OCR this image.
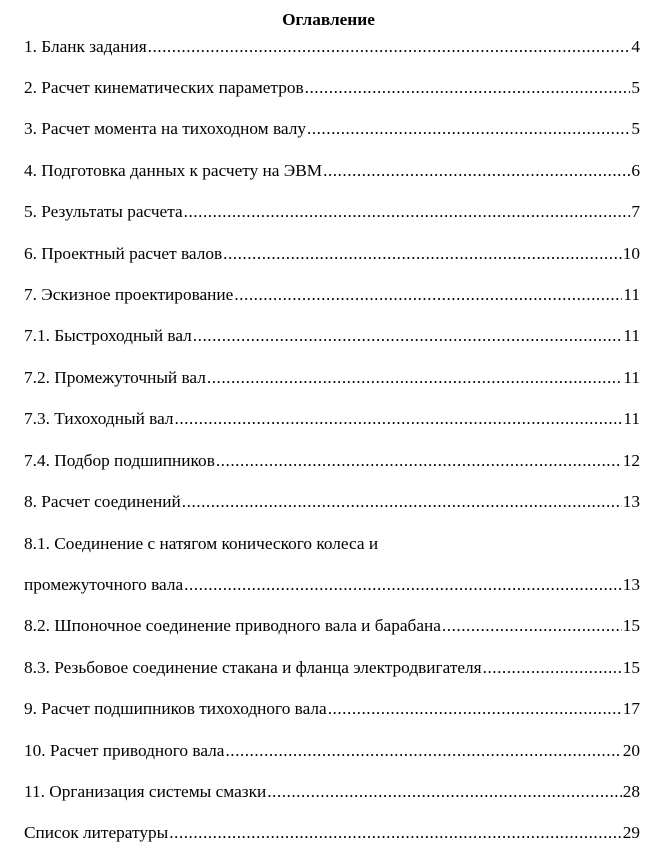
Оглавление
1. Бланк задания .....	4
2. Расчет кинематических параметров .....	5
3. Расчет момента на тихоходном валу .....	5
4. Подготовка данных к расчету на ЭВМ .....	6
5. Результаты расчета .....	7
6. Проектный расчет валов .....	10
7. Эскизное проектирование .....	11
7.1. Быстроходный вал .....	11
7.2. Промежуточный вал .....	11
7.3. Тихоходный вал .....	11
7.4. Подбор подшипников .....	12
8. Расчет соединений .....	13
8.1. Соединение с натягом конического колеса и
промежуточного вала .....	13
8.2. Шпоночное соединение приводного вала и барабана .....	15
8.3. Резьбовое соединение стакана и фланца электродвигателя .....	15
9. Расчет подшипников тихоходного вала .....	17
10. Расчет приводного вала .....	20
11. Организация системы смазки .....	28
Список литературы .....	29
